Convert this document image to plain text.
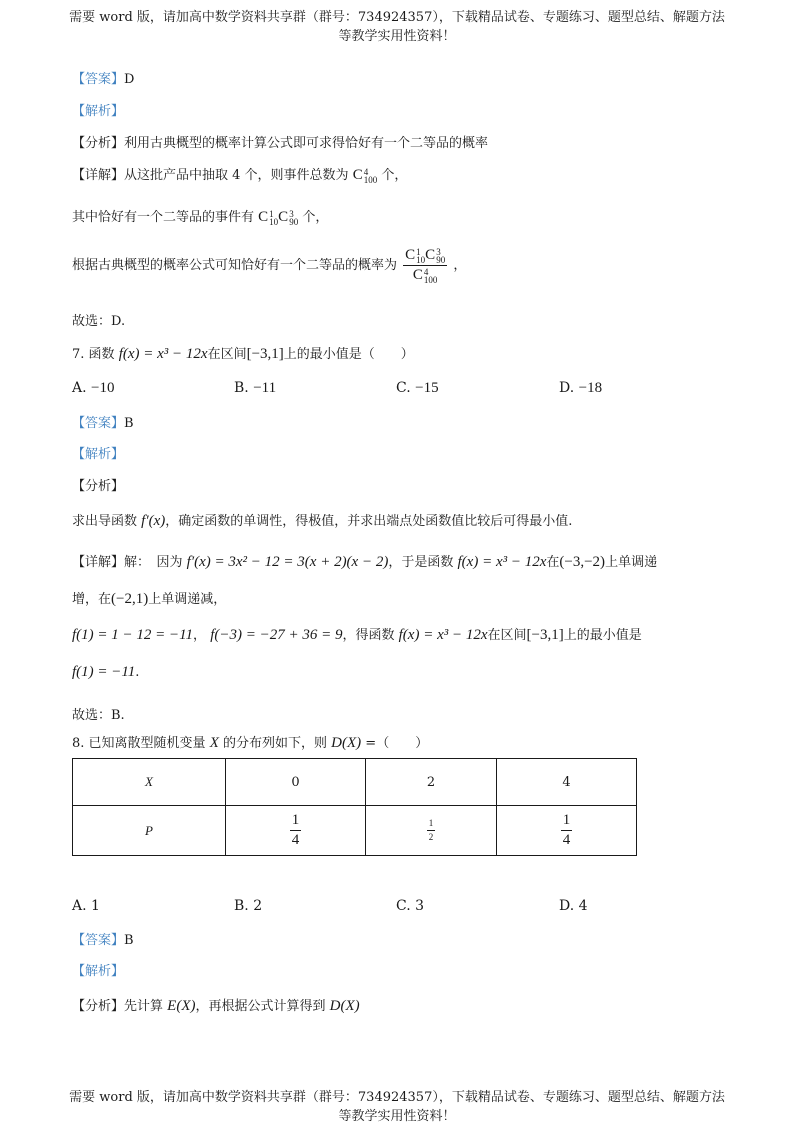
需要 word 版，请加高中数学资料共享群（群号：734924357），下载精品试卷、专题练习、题型总结、解题方法
等教学实用性资料！
【答案】D
【解析】
【分析】利用古典概型的概率计算公式即可求得恰好有一个二等品的概率
【详解】从这批产品中抽取 4 个，则事件总数为 C 4
100 个，
其中恰好有一个二等品的事件有 C 1
10 C 3
90 个，
根据古典概型的概率公式可知恰好有一个二等品的概率为 C 1
10 C 3
90
C 4
100 ，
故选：D.
7. 函数 f(x) = x³ − 12x在区间[−3,1]上的最小值是（　　）
A. −10	B. −11	C. −15	D. −18
【答案】B
【解析】
【分析】
求出导函数 f′(x)，确定函数的单调性，得极值，并求出端点处函数值比较后可得最小值.
【详解】解：　因为 f′(x) = 3x² − 12 = 3(x + 2)(x − 2)，于是函数 f(x) = x³ − 12x在(−3,−2)上单调递
增，在(−2,1)上单调递减，
f(1) = 1 − 12 = −11， f(−3) = −27 + 36 = 9，得函数 f(x) = x³ − 12x在区间[−3,1]上的最小值是
f(1) = −11.
故选：B.
8. 已知离散型随机变量 X 的分布列如下，则 D(X) =（　　）
X	0	2	4
P	$\frac{1}{4}$	$\frac{1}{2}$	$\frac{1}{4}$
A. 1	B. 2	C. 3	D. 4
【答案】B
【解析】
【分析】先计算 E(X)，再根据公式计算得到 D(X)
需要 word 版，请加高中数学资料共享群（群号：734924357），下载精品试卷、专题练习、题型总结、解题方法
等教学实用性资料！
